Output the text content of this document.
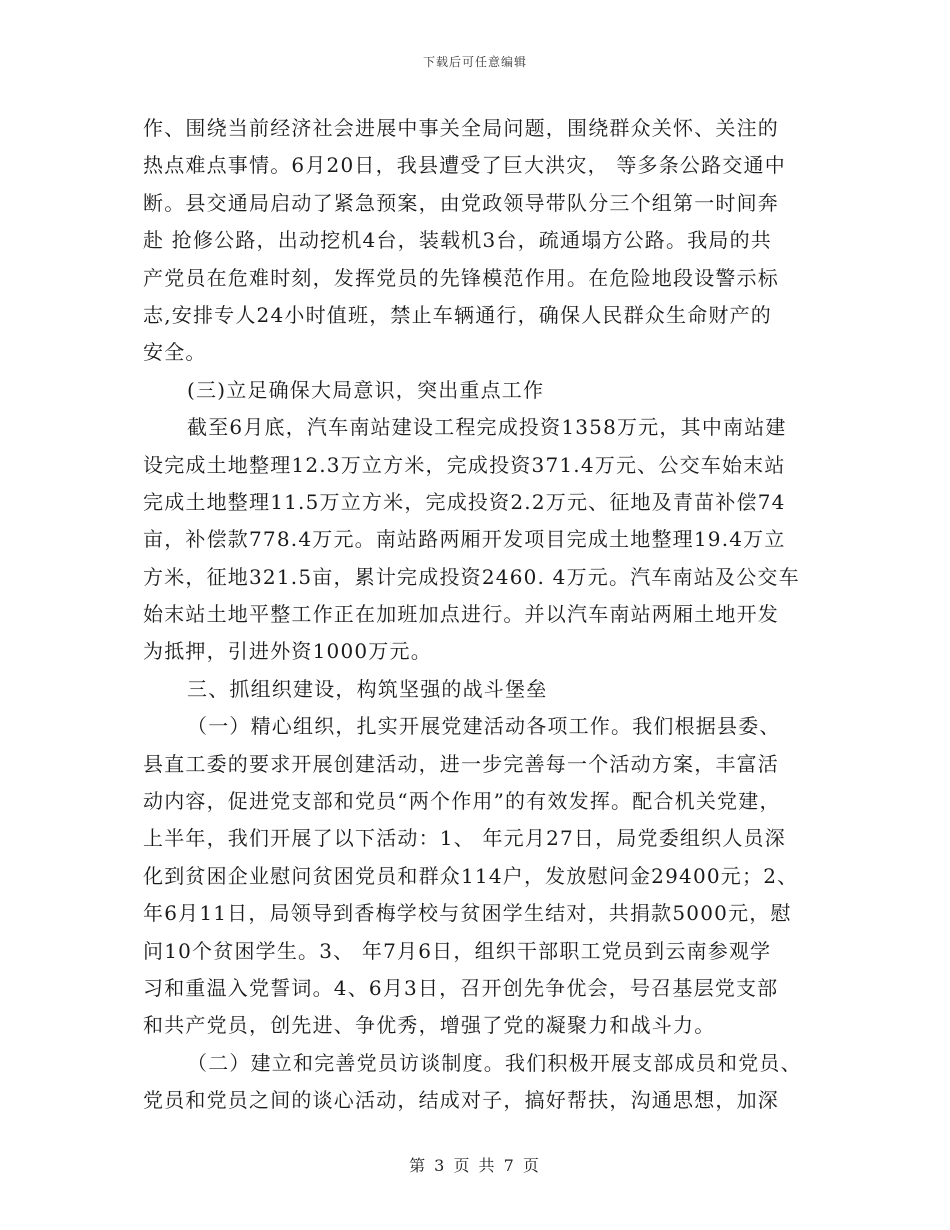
下载后可任意编辑
作、围绕当前经济社会进展中事关全局问题，围绕群众关怀、关注的
热点难点事情。6月20日，我县遭受了巨大洪灾， 等多条公路交通中
断。县交通局启动了紧急预案，由党政领导带队分三个组第一时间奔
赴 抢修公路，出动挖机4台，装载机3台，疏通塌方公路。我局的共
产党员在危难时刻，发挥党员的先锋模范作用。在危险地段设警示标
志,安排专人24小时值班，禁止车辆通行，确保人民群众生命财产的
安全。
(三)立足确保大局意识，突出重点工作
截至6月底，汽车南站建设工程完成投资1358万元，其中南站建
设完成土地整理12.3万立方米，完成投资371.4万元、公交车始末站
完成土地整理11.5万立方米，完成投资2.2万元、征地及青苗补偿74
亩，补偿款778.4万元。南站路两厢开发项目完成土地整理19.4万立
方米，征地321.5亩，累计完成投资2460. 4万元。汽车南站及公交车
始末站土地平整工作正在加班加点进行。并以汽车南站两厢土地开发
为抵押，引进外资1000万元。
三、抓组织建设，构筑坚强的战斗堡垒
（一）精心组织，扎实开展党建活动各项工作。我们根据县委、
县直工委的要求开展创建活动，进一步完善每一个活动方案，丰富活
动内容，促进党支部和党员“两个作用”的有效发挥。配合机关党建，
上半年，我们开展了以下活动：1、 年元月27日，局党委组织人员深
化到贫困企业慰问贫困党员和群众114户，发放慰问金29400元；2、
年6月11日，局领导到香梅学校与贫困学生结对，共捐款5000元，慰
问10个贫困学生。3、 年7月6日，组织干部职工党员到云南参观学
习和重温入党誓词。4、6月3日，召开创先争优会，号召基层党支部
和共产党员，创先进、争优秀，增强了党的凝聚力和战斗力。
（二）建立和完善党员访谈制度。我们积极开展支部成员和党员、
党员和党员之间的谈心活动，结成对子，搞好帮扶，沟通思想，加深
第 3 页 共 7 页
